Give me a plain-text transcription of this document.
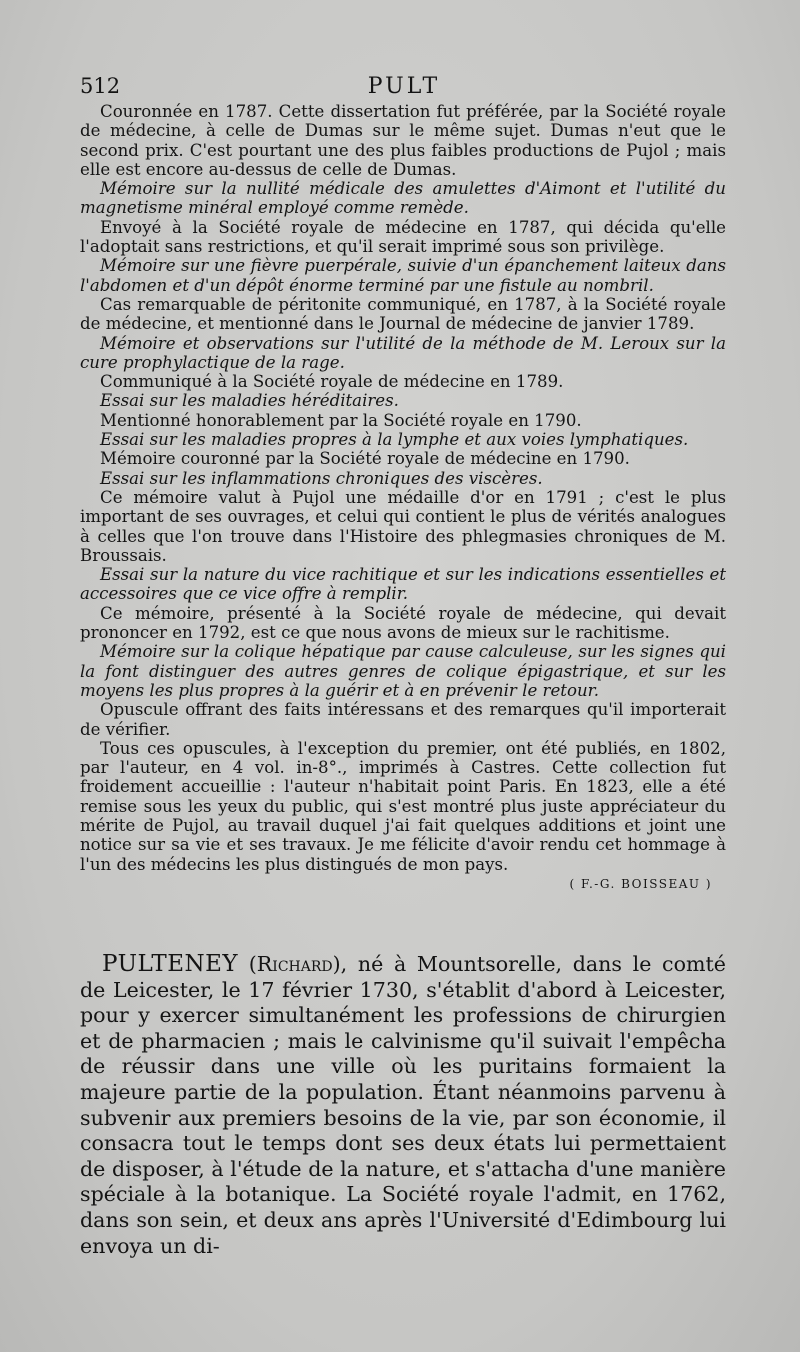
512	PULT

Couronnée en 1787. Cette dissertation fut préférée, par la Société royale de médecine, à celle de Dumas sur le même sujet. Dumas n'eut que le second prix. C'est pourtant une des plus faibles productions de Pujol ; mais elle est encore au-dessus de celle de Dumas.

Mémoire sur la nullité médicale des amulettes d'Aimont et l'utilité du magnetisme minéral employé comme remède.

Envoyé à la Société royale de médecine en 1787, qui décida qu'elle l'adoptait sans restrictions, et qu'il serait imprimé sous son privilège.

Mémoire sur une fièvre puerpérale, suivie d'un épanchement laiteux dans l'abdomen et d'un dépôt énorme terminé par une fistule au nombril.

Cas remarquable de péritonite communiqué, en 1787, à la Société royale de médecine, et mentionné dans le Journal de médecine de janvier 1789.

Mémoire et observations sur l'utilité de la méthode de M. Leroux sur la cure prophylactique de la rage.

Communiqué à la Société royale de médecine en 1789.

Essai sur les maladies héréditaires.

Mentionné honorablement par la Société royale en 1790.

Essai sur les maladies propres à la lymphe et aux voies lymphatiques.

Mémoire couronné par la Société royale de médecine en 1790.

Essai sur les inflammations chroniques des viscères.

Ce mémoire valut à Pujol une médaille d'or en 1791 ; c'est le plus important de ses ouvrages, et celui qui contient le plus de vérités analogues à celles que l'on trouve dans l'Histoire des phlegmasies chroniques de M. Broussais.

Essai sur la nature du vice rachitique et sur les indications essentielles et accessoires que ce vice offre à remplir.

Ce mémoire, présenté à la Société royale de médecine, qui devait prononcer en 1792, est ce que nous avons de mieux sur le rachitisme.

Mémoire sur la colique hépatique par cause calculeuse, sur les signes qui la font distinguer des autres genres de colique épigastrique, et sur les moyens les plus propres à la guérir et à en prévenir le retour.

Opuscule offrant des faits intéressans et des remarques qu'il importerait de vérifier.

Tous ces opuscules, à l'exception du premier, ont été publiés, en 1802, par l'auteur, en 4 vol. in-8°., imprimés à Castres. Cette collection fut froidement accueillie : l'auteur n'habitait point Paris. En 1823, elle a été remise sous les yeux du public, qui s'est montré plus juste appréciateur du mérite de Pujol, au travail duquel j'ai fait quelques additions et joint une notice sur sa vie et ses travaux. Je me félicite d'avoir rendu cet hommage à l'un des médecins les plus distingués de mon pays.

( F.-G. BOISSEAU )

PULTENEY (Richard), né à Mountsorelle, dans le comté de Leicester, le 17 février 1730, s'établit d'abord à Leicester, pour y exercer simultanément les professions de chirurgien et de pharmacien ; mais le calvinisme qu'il suivait l'empêcha de réussir dans une ville où les puritains formaient la majeure partie de la population. Étant néanmoins parvenu à subvenir aux premiers besoins de la vie, par son économie, il consacra tout le temps dont ses deux états lui permettaient de disposer, à l'étude de la nature, et s'attacha d'une manière spéciale à la botanique. La Société royale l'admit, en 1762, dans son sein, et deux ans après l'Université d'Edimbourg lui envoya un di-
